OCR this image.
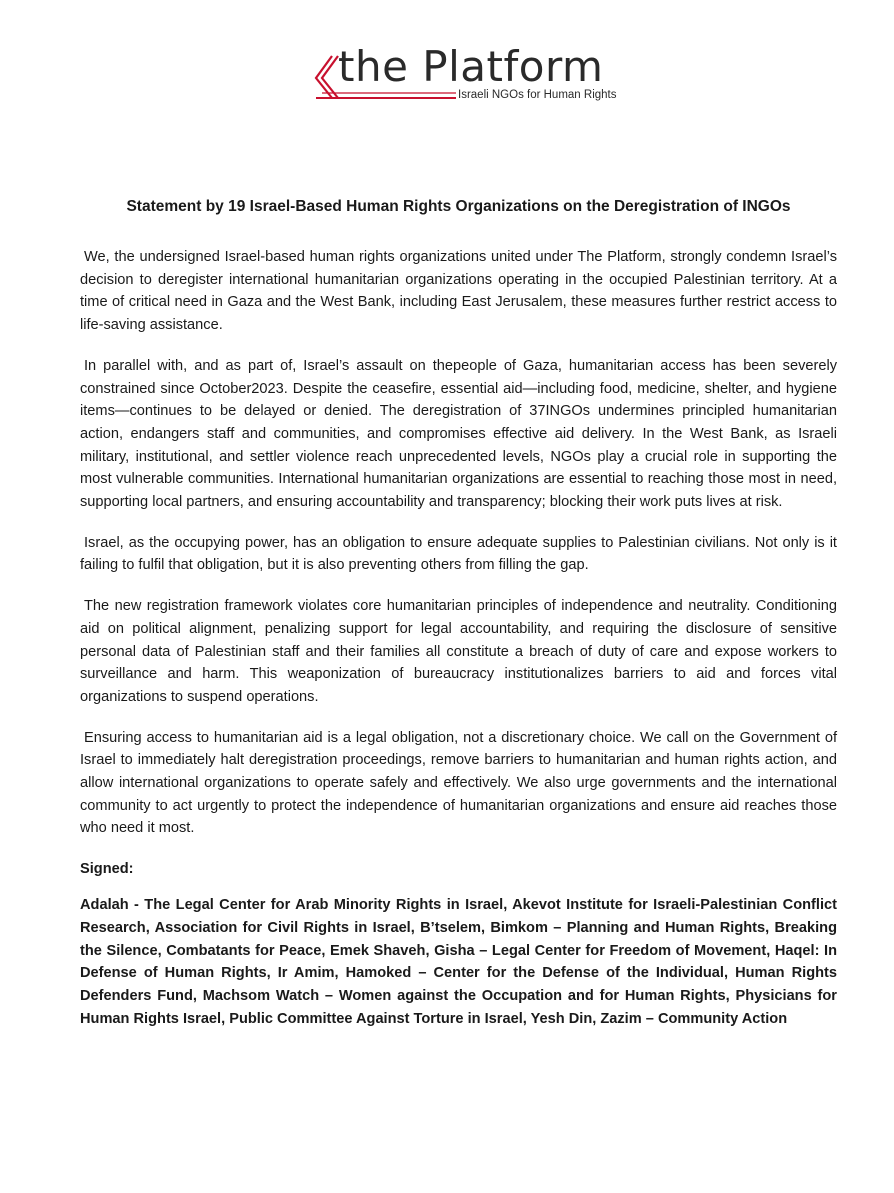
the Platform
Israeli NGOs for Human Rights
Statement by 19 Israel-Based Human Rights Organizations on the Deregistration of INGOs

We, the undersigned Israel-based human rights organizations united under The Platform, strongly condemn Israel’s decision to deregister international humanitarian organizations operating in the occupied Palestinian territory. At a time of critical need in Gaza and the West Bank, including East Jerusalem, these measures further restrict access to life-saving assistance.

In parallel with, and as part of, Israel’s assault on thepeople of Gaza, humanitarian access has been severely constrained since October2023. Despite the ceasefire, essential aid—including food, medicine, shelter, and hygiene items—continues to be delayed or denied. The deregistration of 37INGOs undermines principled humanitarian action, endangers staff and communities, and compromises effective aid delivery. In the West Bank, as Israeli military, institutional, and settler violence reach unprecedented levels, NGOs play a crucial role in supporting the most vulnerable communities. International humanitarian organizations are essential to reaching those most in need, supporting local partners, and ensuring accountability and transparency; blocking their work puts lives at risk.

Israel, as the occupying power, has an obligation to ensure adequate supplies to Palestinian civilians. Not only is it failing to fulfil that obligation, but it is also preventing others from filling the gap.

The new registration framework violates core humanitarian principles of independence and neutrality. Conditioning aid on political alignment, penalizing support for legal accountability, and requiring the disclosure of sensitive personal data of Palestinian staff and their families all constitute a breach of duty of care and expose workers to surveillance and harm. This weaponization of bureaucracy institutionalizes barriers to aid and forces vital organizations to suspend operations.

Ensuring access to humanitarian aid is a legal obligation, not a discretionary choice. We call on the Government of Israel to immediately halt deregistration proceedings, remove barriers to humanitarian and human rights action, and allow international organizations to operate safely and effectively. We also urge governments and the international community to act urgently to protect the independence of humanitarian organizations and ensure aid reaches those who need it most.

Signed:

Adalah - The Legal Center for Arab Minority Rights in Israel, Akevot Institute for Israeli-Palestinian Conflict Research, Association for Civil Rights in Israel, B’tselem, Bimkom – Planning and Human Rights, Breaking the Silence, Combatants for Peace, Emek Shaveh, Gisha – Legal Center for Freedom of Movement, Haqel: In Defense of Human Rights, Ir Amim, Hamoked – Center for the Defense of the Individual, Human Rights Defenders Fund, Machsom Watch – Women against the Occupation and for Human Rights, Physicians for Human Rights Israel, Public Committee Against Torture in Israel, Yesh Din, Zazim – Community Action
